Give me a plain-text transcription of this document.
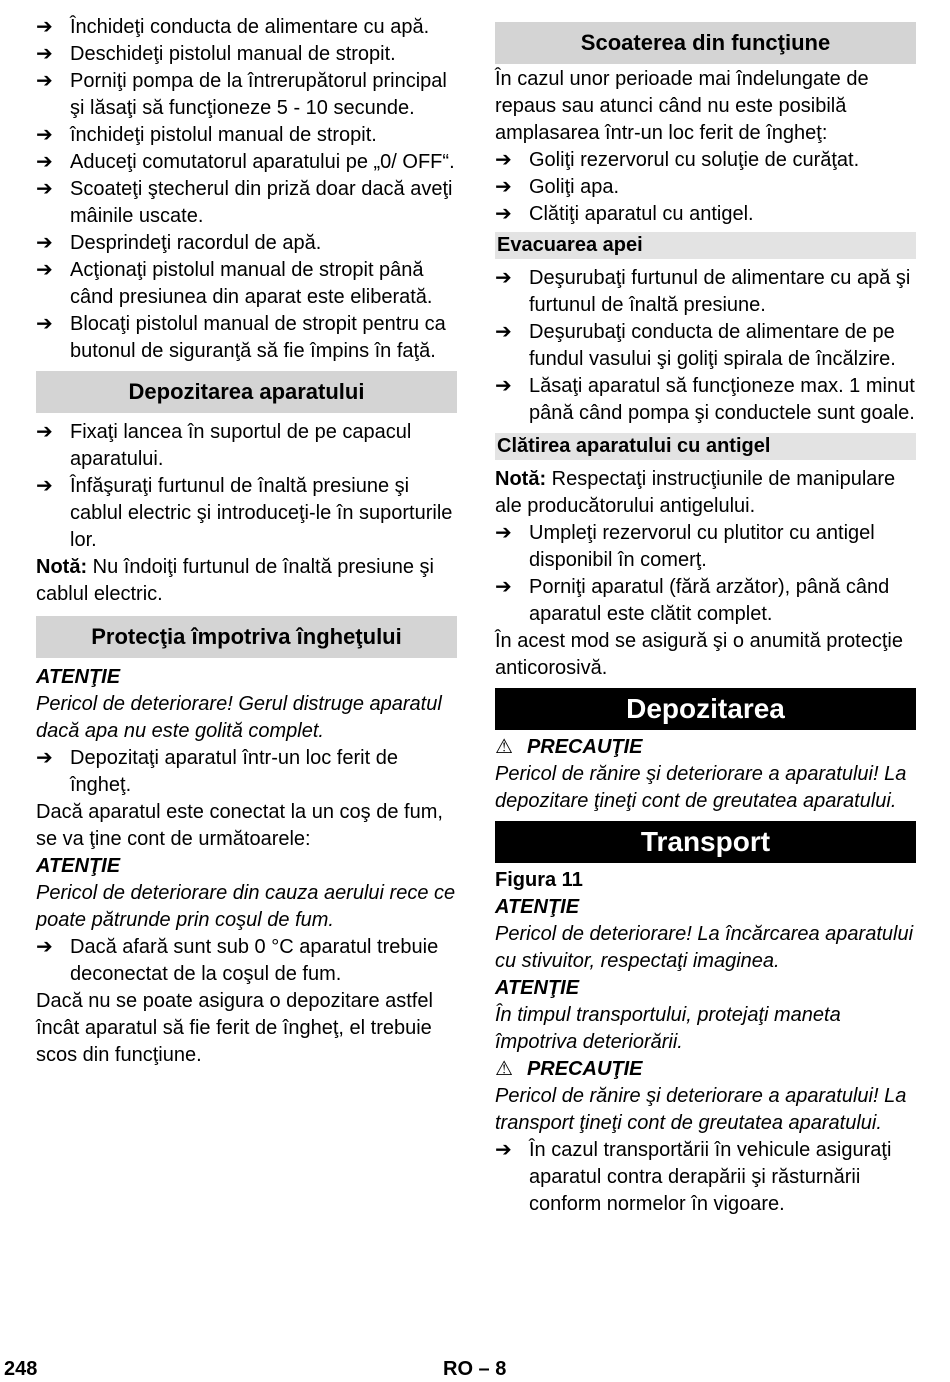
➔ Închideţi conducta de alimentare cu apă.
➔ Deschideţi pistolul manual de stropit.
➔ Porniţi pompa de la întrerupătorul principal şi lăsaţi să funcţioneze 5 - 10 secunde.
➔ închideţi pistolul manual de stropit.
➔ Aduceţi comutatorul aparatului pe „0/ OFF“.
➔ Scoateţi ştecherul din priză doar dacă aveţi mâinile uscate.
➔ Desprindeţi racordul de apă.
➔ Acţionaţi pistolul manual de stropit până când presiunea din aparat este eliberată.
➔ Blocaţi pistolul manual de stropit pentru ca butonul de siguranţă să fie împins în faţă.
Depozitarea aparatului
➔ Fixaţi lancea în suportul de pe capacul aparatului.
➔ Înfăşuraţi furtunul de înaltă presiune şi cablul electric şi introduceţi-le în suporturile lor.

Notă: Nu îndoiţi furtunul de înaltă presiune şi cablul electric.

Protecţia împotriva îngheţului
ATENŢIE

Pericol de deteriorare! Gerul distruge aparatul dacă apa nu este golită complet.

➔ Depozitaţi aparatul într-un loc ferit de îngheţ.

Dacă aparatul este conectat la un coş de fum, se va ţine cont de următoarele:

ATENŢIE

Pericol de deteriorare din cauza aerului rece ce poate pătrunde prin coşul de fum.

➔ Dacă afară sunt sub 0 °C aparatul trebuie deconectat de la coşul de fum.

Dacă nu se poate asigura o depozitare astfel încât aparatul să fie ferit de îngheţ, el trebuie scos din funcţiune.

Scoaterea din funcţiune

În cazul unor perioade mai îndelungate de repaus sau atunci când nu este posibilă amplasarea într-un loc ferit de îngheţ:

➔ Goliţi rezervorul cu soluţie de curăţat.
➔ Goliţi apa.
➔ Clătiţi aparatul cu antigel.
Evacuarea apei
➔ Deşurubaţi furtunul de alimentare cu apă şi furtunul de înaltă presiune.
➔ Deşurubaţi conducta de alimentare de pe fundul vasului şi goliţi spirala de încălzire.
➔ Lăsaţi aparatul să funcţioneze max. 1 minut până când pompa şi conductele sunt goale.
Clătirea aparatului cu antigel

Notă: Respectaţi instrucţiunile de manipulare ale producătorului antigelului.

➔ Umpleţi rezervorul cu plutitor cu antigel disponibil în comerţ.
➔ Porniţi aparatul (fără arzător), până când aparatul este clătit complet.

În acest mod se asigură şi o anumită protecţie anticorosivă.

Depozitarea
⚠ PRECAUŢIE

Pericol de rănire şi deteriorare a aparatului! La depozitare ţineţi cont de greutatea aparatului.

Transport
Figura 11
ATENŢIE

Pericol de deteriorare! La încărcarea aparatului cu stivuitor, respectaţi imaginea.

ATENŢIE

În timpul transportului, protejaţi maneta împotriva deteriorării.

⚠ PRECAUŢIE

Pericol de rănire şi deteriorare a aparatului! La transport ţineţi cont de greutatea aparatului.

➔ În cazul transportării în vehicule asiguraţi aparatul contra derapării şi răsturnării conform normelor în vigoare.
248	RO – 8
